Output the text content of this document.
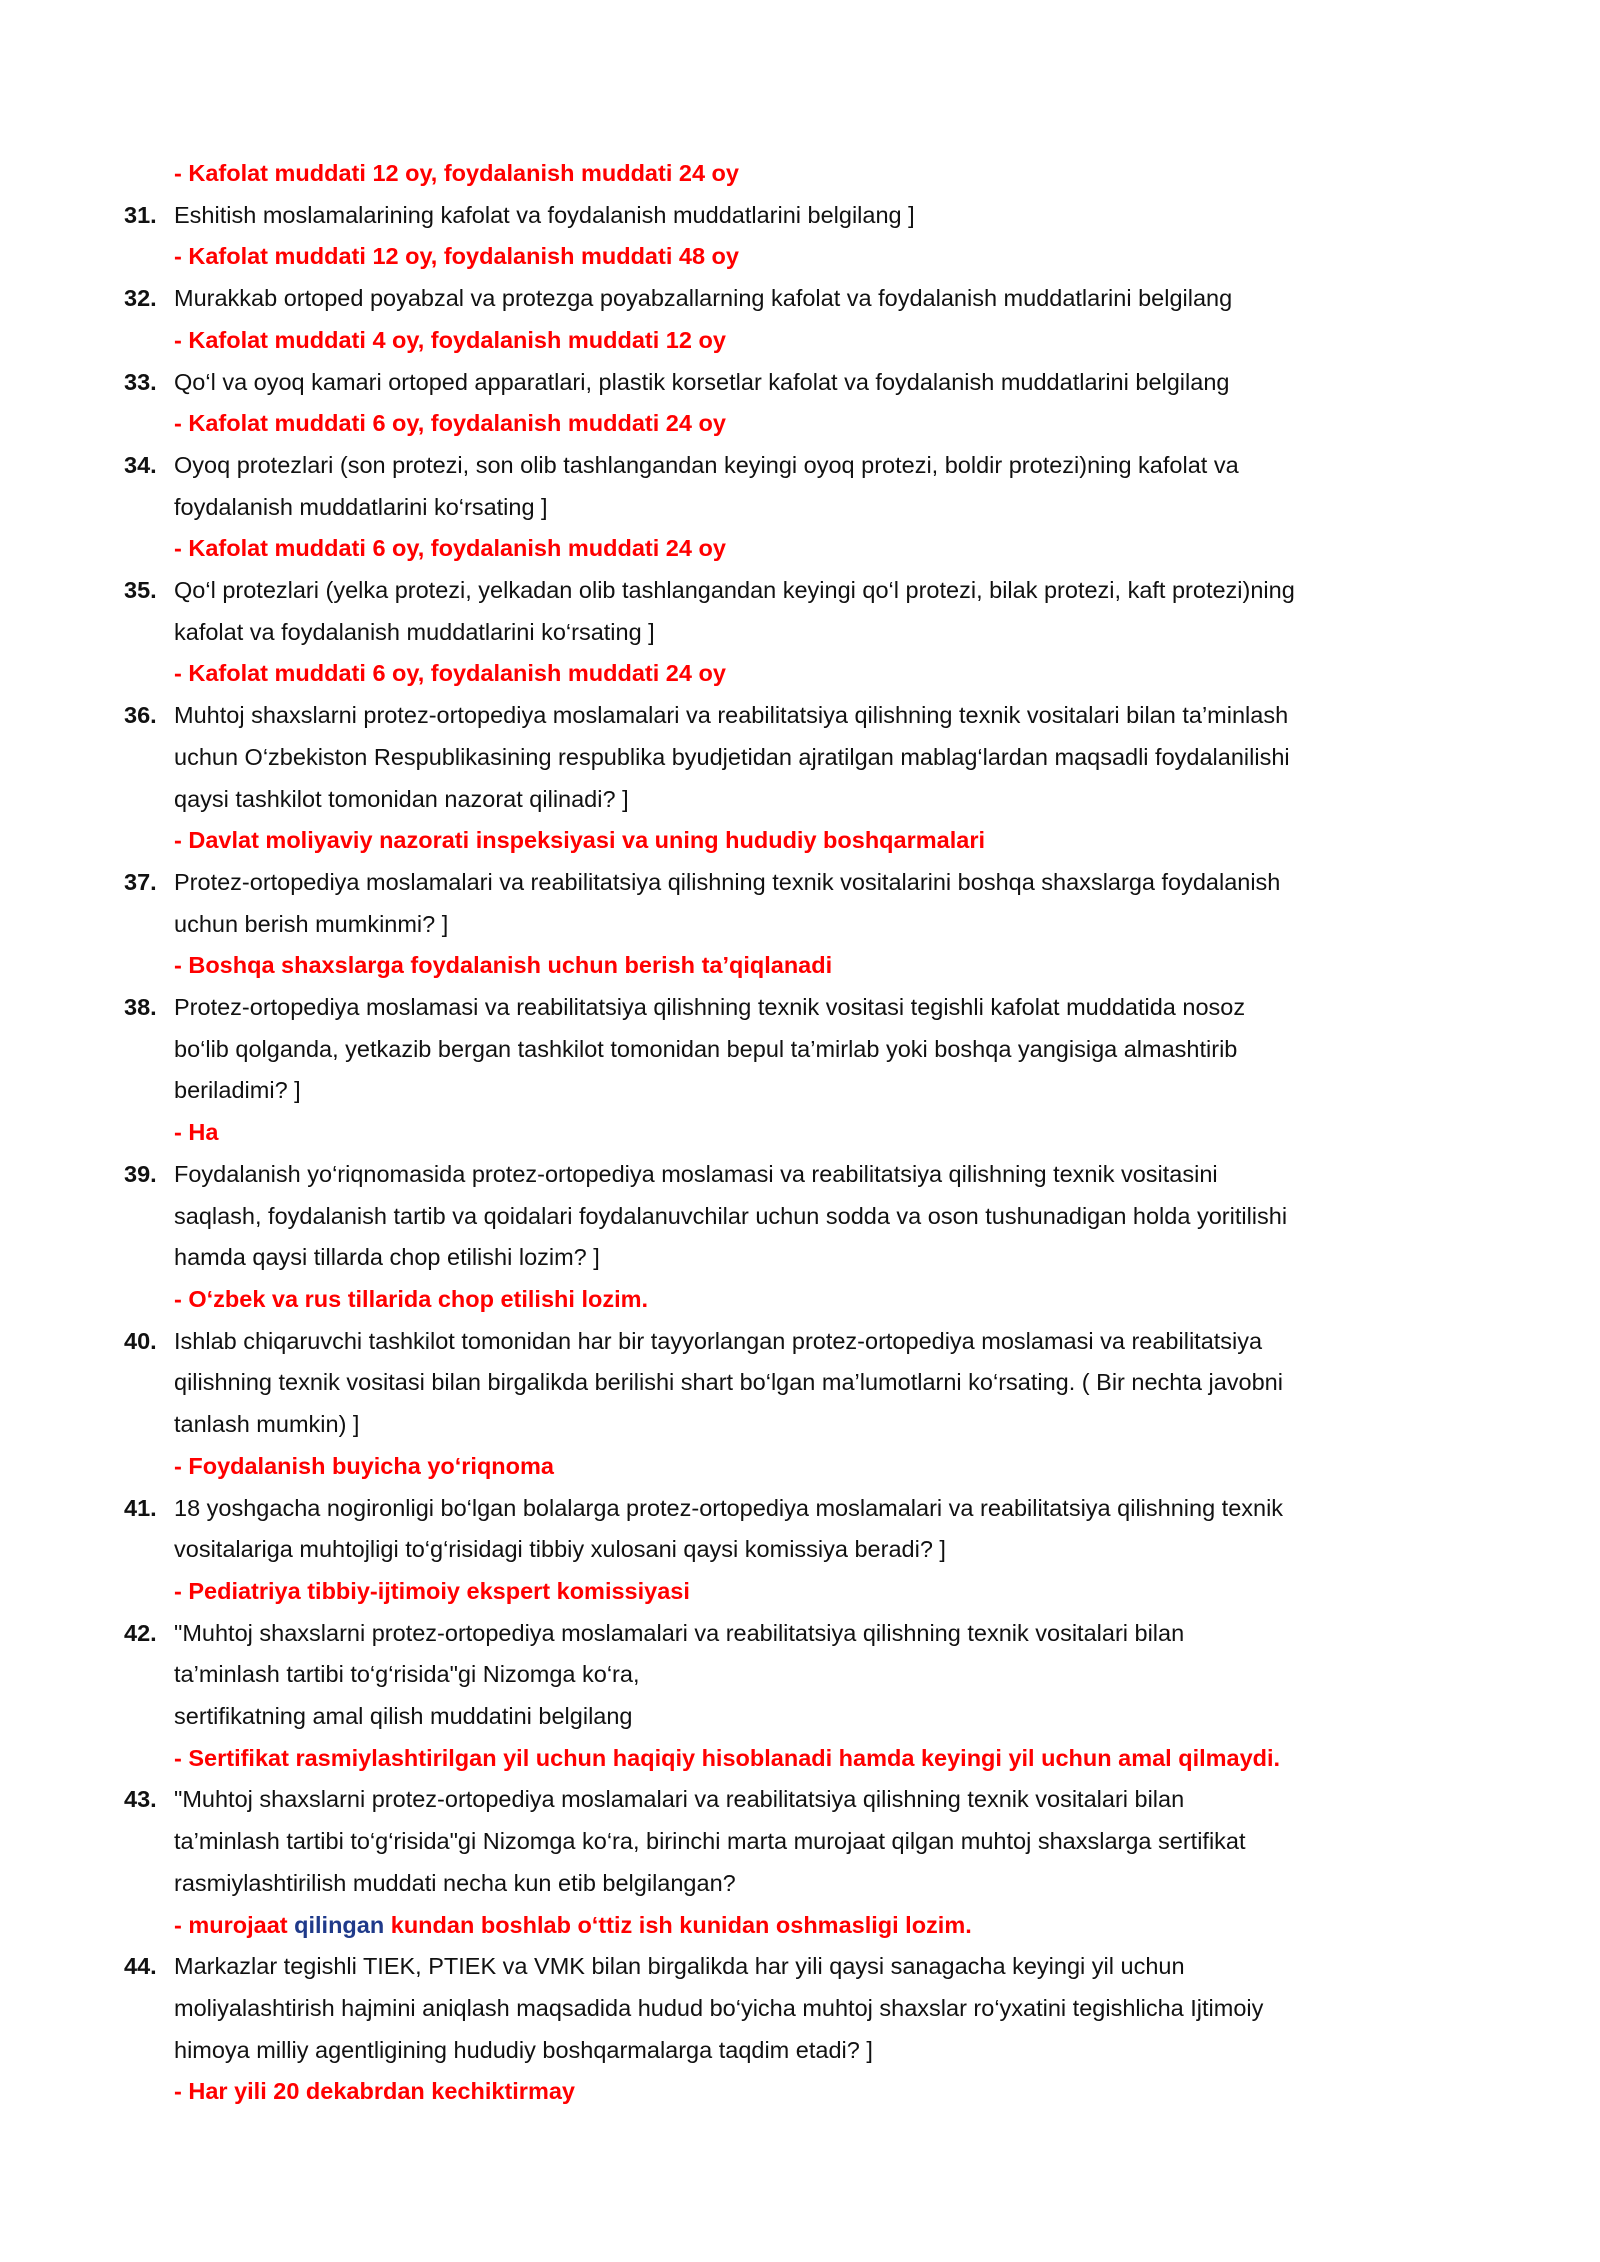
- Kafolat muddati 12 oy, foydalanish muddati 24 oy
31. Eshitish moslamalarining kafolat va foydalanish muddatlarini belgilang ]
- Kafolat muddati 12 oy, foydalanish muddati 48 oy
32. Murakkab ortoped poyabzal va protezga poyabzallarning kafolat va foydalanish muddatlarini belgilang
- Kafolat muddati 4 oy, foydalanish muddati 12 oy
33. Qo‘l va oyoq kamari ortoped apparatlari, plastik korsetlar kafolat va foydalanish muddatlarini belgilang
- Kafolat muddati 6 oy, foydalanish muddati 24 oy
34. Oyoq protezlari (son protezi, son olib tashlangandan keyingi oyoq protezi, boldir protezi)ning kafolat va
foydalanish muddatlarini ko‘rsating ]
- Kafolat muddati 6 oy, foydalanish muddati 24 oy
35. Qo‘l protezlari (yelka protezi, yelkadan olib tashlangandan keyingi qo‘l protezi, bilak protezi, kaft protezi)ning
kafolat va foydalanish muddatlarini ko‘rsating ]
- Kafolat muddati 6 oy, foydalanish muddati 24 oy
36. Muhtoj shaxslarni protez-ortopediya moslamalari va reabilitatsiya qilishning texnik vositalari bilan ta’minlash
uchun O‘zbekiston Respublikasining respublika byudjetidan ajratilgan mablag‘lardan maqsadli foydalanilishi
qaysi tashkilot tomonidan nazorat qilinadi? ]
- Davlat moliyaviy nazorati inspeksiyasi va uning hududiy boshqarmalari
37. Protez-ortopediya moslamalari va reabilitatsiya qilishning texnik vositalarini boshqa shaxslarga foydalanish
uchun berish mumkinmi? ]
- Boshqa shaxslarga foydalanish uchun berish ta’qiqlanadi
38. Protez-ortopediya moslamasi va reabilitatsiya qilishning texnik vositasi tegishli kafolat muddatida nosoz
bo‘lib qolganda, yetkazib bergan tashkilot tomonidan bepul ta’mirlab yoki boshqa yangisiga almashtirib
beriladimi? ]
- Ha
39. Foydalanish yo‘riqnomasida protez-ortopediya moslamasi va reabilitatsiya qilishning texnik vositasini
saqlash, foydalanish tartib va qoidalari foydalanuvchilar uchun sodda va oson tushunadigan holda yoritilishi
hamda qaysi tillarda chop etilishi lozim? ]
- O‘zbek va rus tillarida chop etilishi lozim.
40. Ishlab chiqaruvchi tashkilot tomonidan har bir tayyorlangan protez-ortopediya moslamasi va reabilitatsiya
qilishning texnik vositasi bilan birgalikda berilishi shart bo‘lgan ma’lumotlarni ko‘rsating. ( Bir nechta javobni
tanlash mumkin) ]
- Foydalanish buyicha yo‘riqnoma
41. 18 yoshgacha nogironligi bo‘lgan bolalarga protez-ortopediya moslamalari va reabilitatsiya qilishning texnik
vositalariga muhtojligi to‘g‘risidagi tibbiy xulosani qaysi komissiya beradi? ]
- Pediatriya tibbiy-ijtimoiy ekspert komissiyasi
42. "Muhtoj shaxslarni protez-ortopediya moslamalari va reabilitatsiya qilishning texnik vositalari bilan
ta’minlash tartibi to‘g‘risida"gi Nizomga ko‘ra,
sertifikatning amal qilish muddatini belgilang
- Sertifikat rasmiylashtirilgan yil uchun haqiqiy hisoblanadi hamda keyingi yil uchun amal qilmaydi.
43. "Muhtoj shaxslarni protez-ortopediya moslamalari va reabilitatsiya qilishning texnik vositalari bilan
ta’minlash tartibi to‘g‘risida"gi Nizomga ko‘ra, birinchi marta murojaat qilgan muhtoj shaxslarga sertifikat
rasmiylashtirilish muddati necha kun etib belgilangan?
- murojaat qilingan kundan boshlab o‘ttiz ish kunidan oshmasligi lozim.
44. Markazlar tegishli TIEK, PTIEK va VMK bilan birgalikda har yili qaysi sanagacha keyingi yil uchun
moliyalashtirish hajmini aniqlash maqsadida hudud bo‘yicha muhtoj shaxslar ro‘yxatini tegishlicha Ijtimoiy
himoya milliy agentligining hududiy boshqarmalarga taqdim etadi? ]
- Har yili 20 dekabrdan kechiktirmay
